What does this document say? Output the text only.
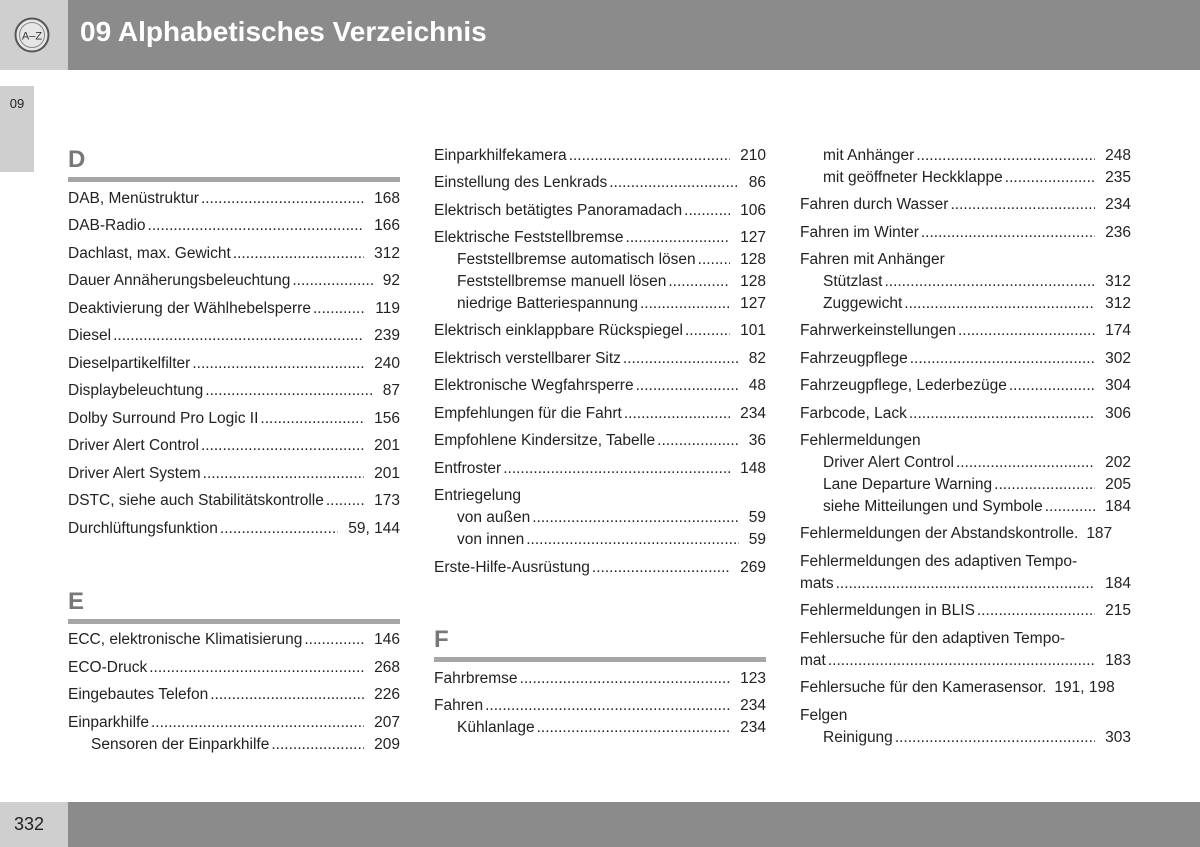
A–Z 09 Alphabetisches Verzeichnis
09
D
DAB, Menüstruktur .....	168
DAB-Radio .....	166
Dachlast, max. Gewicht .....	312
Dauer Annäherungsbeleuchtung .....	92
Deaktivierung der Wählhebelsperre .....	119
Diesel .....	239
Dieselpartikelfilter .....	240
Displaybeleuchtung .....	87
Dolby Surround Pro Logic II .....	156
Driver Alert Control .....	201
Driver Alert System .....	201
DSTC, siehe auch Stabilitätskontrolle .....	173
Durchlüftungsfunktion .....	59, 144
E
ECC, elektronische Klimatisierung .....	146
ECO-Druck .....	268
Eingebautes Telefon .....	226
Einparkhilfe .....	207
Sensoren der Einparkhilfe .....	209
Einparkhilfekamera .....	210
Einstellung des Lenkrads .....	86
Elektrisch betätigtes Panoramadach .....	106
Elektrische Feststellbremse .....	127
Feststellbremse automatisch lösen .....	128
Feststellbremse manuell lösen .....	128
niedrige Batteriespannung .....	127
Elektrisch einklappbare Rückspiegel .....	101
Elektrisch verstellbarer Sitz .....	82
Elektronische Wegfahrsperre .....	48
Empfehlungen für die Fahrt .....	234
Empfohlene Kindersitze, Tabelle .....	36
Entfroster .....	148
Entriegelung
von außen .....	59
von innen .....	59
Erste-Hilfe-Ausrüstung .....	269
F
Fahrbremse .....	123
Fahren .....	234
Kühlanlage .....	234
mit Anhänger .....	248
mit geöffneter Heckklappe .....	235
Fahren durch Wasser .....	234
Fahren im Winter .....	236
Fahren mit Anhänger
Stützlast .....	312
Zuggewicht .....	312
Fahrwerkeinstellungen .....	174
Fahrzeugpflege .....	302
Fahrzeugpflege, Lederbezüge .....	304
Farbcode, Lack .....	306
Fehlermeldungen
Driver Alert Control .....	202
Lane Departure Warning .....	205
siehe Mitteilungen und Symbole .....	184
Fehlermeldungen der Abstandskontrolle. 187
Fehlermeldungen des adaptiven Tempo-
mats .....	184
Fehlermeldungen in BLIS .....	215
Fehlersuche für den adaptiven Tempo-
mat .....	183
Fehlersuche für den Kamerasensor. 191, 198
Felgen
Reinigung .....	303
332
